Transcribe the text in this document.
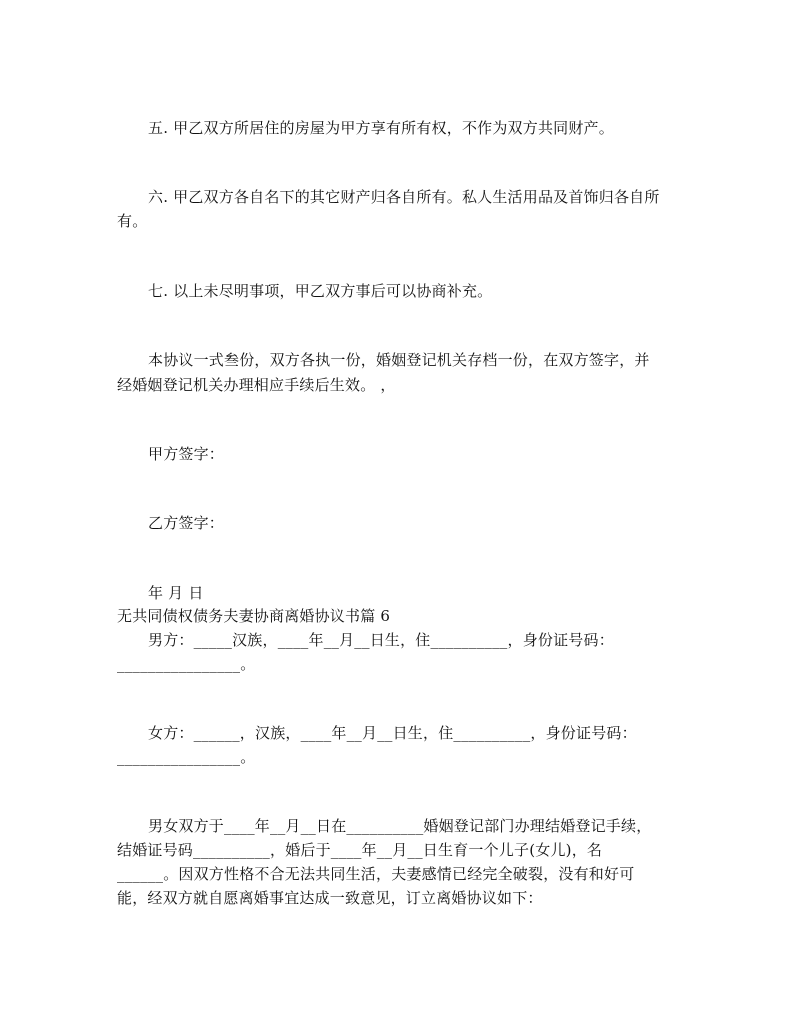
五. 甲乙双方所居住的房屋为甲方享有所有权，不作为双方共同财产。
六. 甲乙双方各自名下的其它财产归各自所有。私人生活用品及首饰归各自所
有。
七. 以上未尽明事项，甲乙双方事后可以协商补充。
本协议一式叁份，双方各执一份，婚姻登记机关存档一份，在双方签字，并
经婚姻登记机关办理相应手续后生效。 ，
甲方签字：
乙方签字：
年 月 日
无共同债权债务夫妻协商离婚协议书篇 6
男方：_____汉族，____年__月__日生，住__________，身份证号码：
________________。
女方：______，汉族，____年__月__日生，住__________，身份证号码：
________________。
男女双方于____年__月__日在__________婚姻登记部门办理结婚登记手续，
结婚证号码__________，婚后于____年__月__日生育一个儿子(女儿)，名
______。因双方性格不合无法共同生活，夫妻感情已经完全破裂，没有和好可
能，经双方就自愿离婚事宜达成一致意见，订立离婚协议如下：
